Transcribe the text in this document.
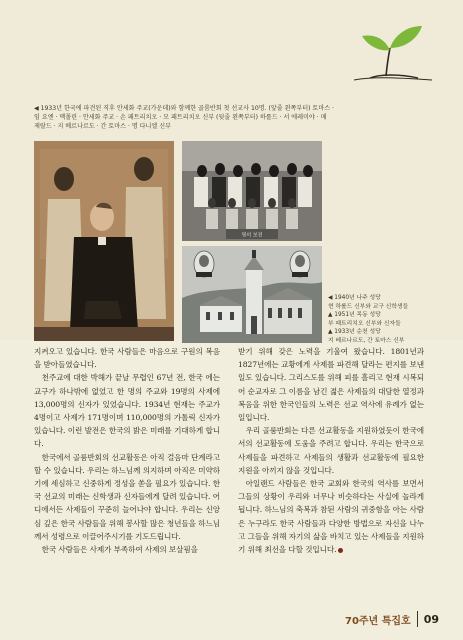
◀ 1933년 한국에 파견된 직후 안세화 주교(가운데)와 함께한 골룸반회 첫 선교사 10명. (앞줄 왼쪽부터) 토마스 · 임 요엔 · 맥폴린 · 안세화 주교 · 손 패트리치오 · 모 패트리치오 신부 (뒷줄 왼쪽부터) 하롤드 · 서 에레미야 · 매 제랄드 · 지 베르나르도 · 간 토마스 · 명 다니엘 신부
명의 보전
◀ 1940년 나주 성당
현 하롤드 신부와 교구 신학생들
▲ 1951년 목동 성당
부 패트리치오 신부와 신자들
▲ 1933년 순천 성당
지 베르나르도, 간 토마스 신부

지켜오고 있습니다. 한국 사람들은 마음으로 구원의 복음을 받아들였습니다.

천주교에 대한 박해가 끝날 무렵인 67년 전, 한국 에는 교구가 하나밖에 없었고 한 명의 주교와 19명의 사제에 13,000명의 신자가 있었습니다. 1934년 현재는 주교가 4명이고 사제가 171명이며 110,000명의 가톨릭 신자가 있습니다. 이런 발전은 한국의 밝은 미래를 기대하게 합니다.

한국에서 골룸반회의 선교활동은 아직 걸음마 단계라고 할 수 있습니다. 우리는 하느님께 의지하며 아직은 미약하기에 세심하고 신중하게 정성을 쏟을 필요가 있습니다. 한국 선교의 미래는 신학생과 신자들에게 달려 있습니다. 어디에서든 사제들이 꾸준히 늘어나야 합니다. 우리는 신앙심 깊은 한국 사람들을 위해 봉사할 많은 청년들을 하느님께서 성령으로 이끌어주시기를 기도드립니다.

한국 사람들은 사제가 부족하여 사제의 보살핌을

받기 위해 갖은 노력을 기울여 왔습니다. 1801년과 1827년에는 교황에게 사제를 파견해 달라는 편지를 보낸 일도 있습니다. 그리스도를 위해 피를 흘리고 현재 시복되어 순교자로 그 이름을 남긴 젊은 사제들의 대담한 열정과 복음을 위한 한국인들의 노력은 선교 역사에 유례가 없는 일입니다.

우리 골룸반회는 다른 선교활동을 지원하였듯이 한국에서의 선교활동에 도움을 주려고 합니다. 우리는 한국으로 사제들을 파견하고 사제들의 생활과 선교활동에 필요한 지원을 아끼지 않을 것입니다.

아일랜드 사람들은 한국 교회와 한국의 역사를 보면서 그들의 상황이 우리와 너무나 비슷하다는 사실에 놀라게 됩니다. 하느님의 축복과 참된 사람의 귀중함을 아는 사람은 누구라도 한국 사람들과 다양한 방법으로 자신을 나누고 그들을 위해 자기의 삶을 바치고 있는 사제들을 지원하기 위해 최선을 다할 것입니다.

70주년 특집호 09
